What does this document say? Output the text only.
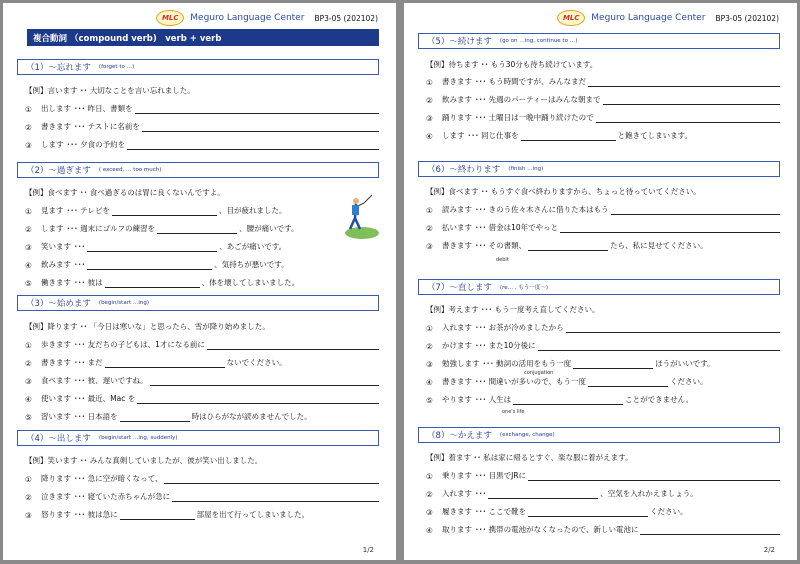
MLC	Meguro Language Center BP3-05 (202102)
ふくごうどうし
複合動詞 （compound verb)　verb + verb
（1）～忘れます (forget to …)
【例】言います ･･ 大切なことを言い忘れました。
（2）～過ぎます ( exceed, … too much)
【例】食べます ･･ 食べ過ぎるのは胃に良くないんですよ。
（3）～始めます (begin/start …ing)
【例】降ります ･･ 「今日は寒いな」と思ったら、雪が降り始めました。
（4）～出します (begin/start …ing, suddenly)
【例】笑います ･･ みんな真剣していましたが、彼が笑い出しました。
1/2
①	出します ･･･ 昨日、書類を
②	書きます ･･･ テストに名前を
③	します ･･･ 夕食の予約を
①	見ます ･･･ テレビを	、目が疲れました。
②	します ･･･ 週末にゴルフの練習を	、腰が痛いです。
③	笑います ･･･	、あごが痛いです。
④	飲みます ･･･	、気持ちが悪いです。
⑤	働きます ･･･ 彼は	、体を壊してしまいました。
①	歩きます ･･･ 友だちの子どもは、1才になる前に
②	書きます ･･･ まだ	ないでください。
③	食べます ･･･ 彼、遅いですね。
④	使います ･･･ 最近、Mac を
⑤	習います ･･･ 日本語を	時はひらがなが読めませんでした。
①	降ります ･･･ 急に空が暗くなって、
②	泣きます ･･･ 寝ていた赤ちゃんが急に
③	怒ります ･･･ 彼は急に	部屋を出て行ってしまいました。
MLC	Meguro Language Center BP3-05 (202102)
（5）～続けます (go on …ing, continue to …)
【例】待ちます ･･ もう30分も待ち続けています。
（6）～終わります (finish …ing)
【例】食べます ･･ もうすぐ食べ終わりますから、ちょっと待っていてください。
debit
（7）～直します (re… , もう一度～)
【例】考えます ･･･ もう一度考え直してください。
conjugation
one's life
（8）～かえます (exchange, change)
【例】着ます ･･ 私は家に帰るとすぐ、楽な服に着がえます。
2/2
①	書きます ･･･ もう時間ですが、みんなまだ
②	飲みます ･･･ 先週のパーティーはみんな朝まで
③	踊ります ･･･ 土曜日は一晩中踊り続けたので
④	します ･･･ 同じ仕事を	と飽きてしまいます。
①	読みます ･･･ きのう佐々木さんに借りた本はもう
②	払います ･･･ 借金は10年でやっと
③	書きます ･･･ その書類、	たら、私に見せてください。
①	入れます ･･･ お茶が冷めましたから
②	かけます ･･･ また10分後に
③	勉強します ･･･ 動詞の活用をもう一度	ほうがいいです。
④	書きます ･･･ 間違いが多いので、もう一度	ください。
⑤	やります ･･･ 人生は	ことができません。
①	乗ります ･･･ 目黒でJRに
②	入れます ･･･	、空気を入れかえましょう。
③	履きます ･･･ ここで靴を	ください。
④	取ります ･･･ 携帯の電池がなくなったので、新しい電池に
